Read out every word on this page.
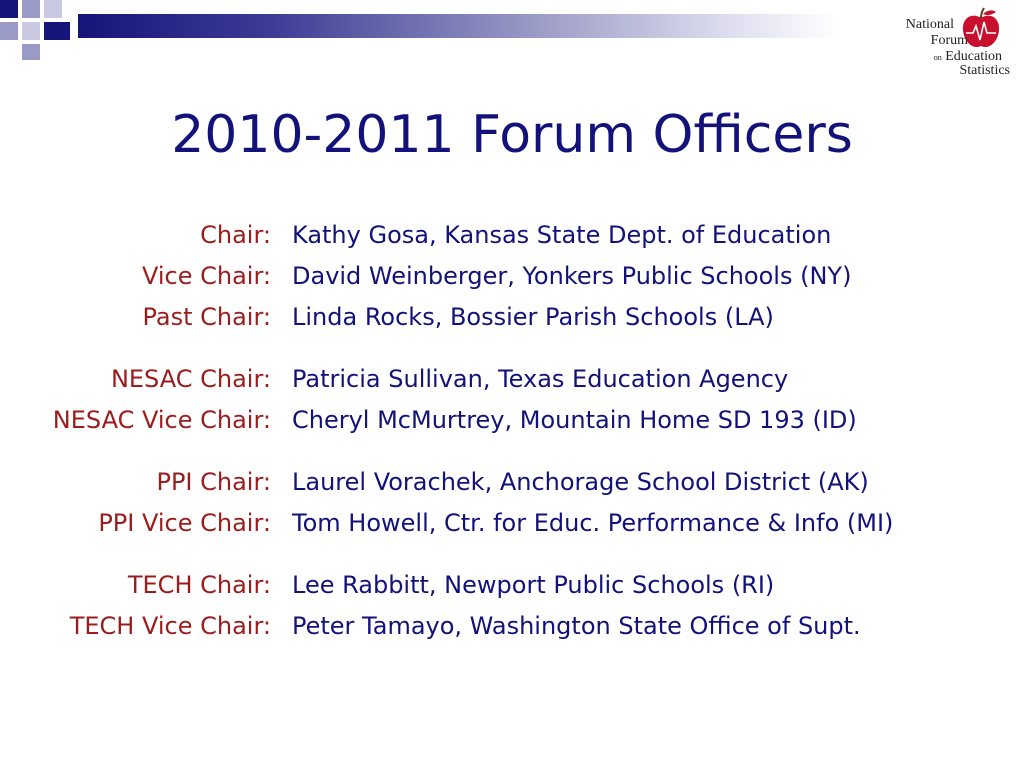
National
Forum
on Education
Statistics
2010-2011 Forum Officers
Chair: Kathy Gosa, Kansas State Dept. of Education
Vice Chair: David Weinberger, Yonkers Public Schools (NY)
Past Chair: Linda Rocks, Bossier Parish Schools (LA)
NESAC Chair: Patricia Sullivan, Texas Education Agency
NESAC Vice Chair: Cheryl McMurtrey, Mountain Home SD 193 (ID)
PPI Chair: Laurel Vorachek, Anchorage School District (AK)
PPI Vice Chair: Tom Howell, Ctr. for Educ. Performance & Info (MI)
TECH Chair: Lee Rabbitt, Newport Public Schools (RI)
TECH Vice Chair: Peter Tamayo, Washington State Office of Supt.
